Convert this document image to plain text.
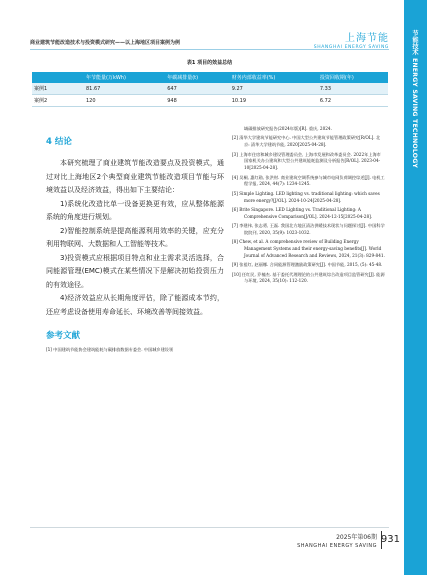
节能技术 ENERGY SAVING TECHNOLOGY
商业建筑节能改造技术与投资模式研究——以上海地区项目案例为例	上海节能
SHANGHAI ENERGY SAVING
表1 项目的效益总结
	年节能量(万kWh)	年碳减排量(t)	财务内部收益率(%)	投资回收期(年)
案例1	81.67	647	9.27	7.33
案例2	120	948	10.19	6.72
4 结论

本研究梳理了商业建筑节能改造要点及投资模式，通过对比上海地区2个典型商业建筑节能改造项目节能与环境效益以及经济效益，得出如下主要结论：

1)系统化改造比单一设备更换更有效，应从整体能源系统的角度进行规划。

2)智能控制系统是提高能源利用效率的关键，应充分利用物联网、大数据和人工智能等技术。

3)投资模式应根据项目特点和业主需求灵活选择，合同能源管理(EMC)模式在某些情况下是解决初始投资压力的有效途径。

4)经济效益应从长期角度评估，除了能源成本节约，还应考虑设备使用寿命延长、环境改善等间接效益。

参考文献

[1] 中国建筑节能协会建筑能耗与碳排放数据专委会. 中国城乡建设领

域碳排放研究报告(2024年版)[R]. 重庆, 2024.

[2] 清华大学建筑节能研究中心. 中国大型公共建筑节能管理政策研究[R/OL]. 北京: 清华大学建筑节能, 2020[2025-04-28].

[3] 上海市住房和城乡建设管理委员会, 上海市发展和改革委员会. 2022年上海市国家机关办公建筑和大型公共建筑能耗监测及分析报告[R/OL]. 2023-04-10[2025-04-28].

[4] 吴桐, 惠红勋, 张洪财. 商业建筑空调系统参与城市电网负荷调控综述[J]. 电机工程学报, 2024, 44(7): 1234-1245.

[5] Simple Lighting. LED lighting vs. traditional lighting: which saves more energy?[J/OL]. 2024-10-24[2025-04-28].

[6] Brite Singapore. LED Lighting vs. Traditional Lighting: A Comprehensive Comparison[J/OL]. 2024-12-15[2025-04-28].

[7] 李建伟, 张志勇, 王磊. 我国北方地区清洁供暖技术现状与问题探讨[J]. 中国科学院院刊, 2020, 35(9): 1023-1032.

[8] Chew, et al. A comprehensive review of Building Energy Management Systems and their energy-saving benefits[J]. World Journal of Advanced Research and Reviews, 2024, 21(3): 829-841.

[9] 张祖红, 赵丽娜. 合同能源管理激励政策研究[J]. 中国节能, 2015, (5): 45-48.

[10] 任红民, 乔楠杰. 基于委托代理理论的公共建筑综合改造项目监管研究[J]. 能源与环境, 2024, 35(10): 112-120.

2025年第06期
SHANGHAI ENERGY SAVING
931
